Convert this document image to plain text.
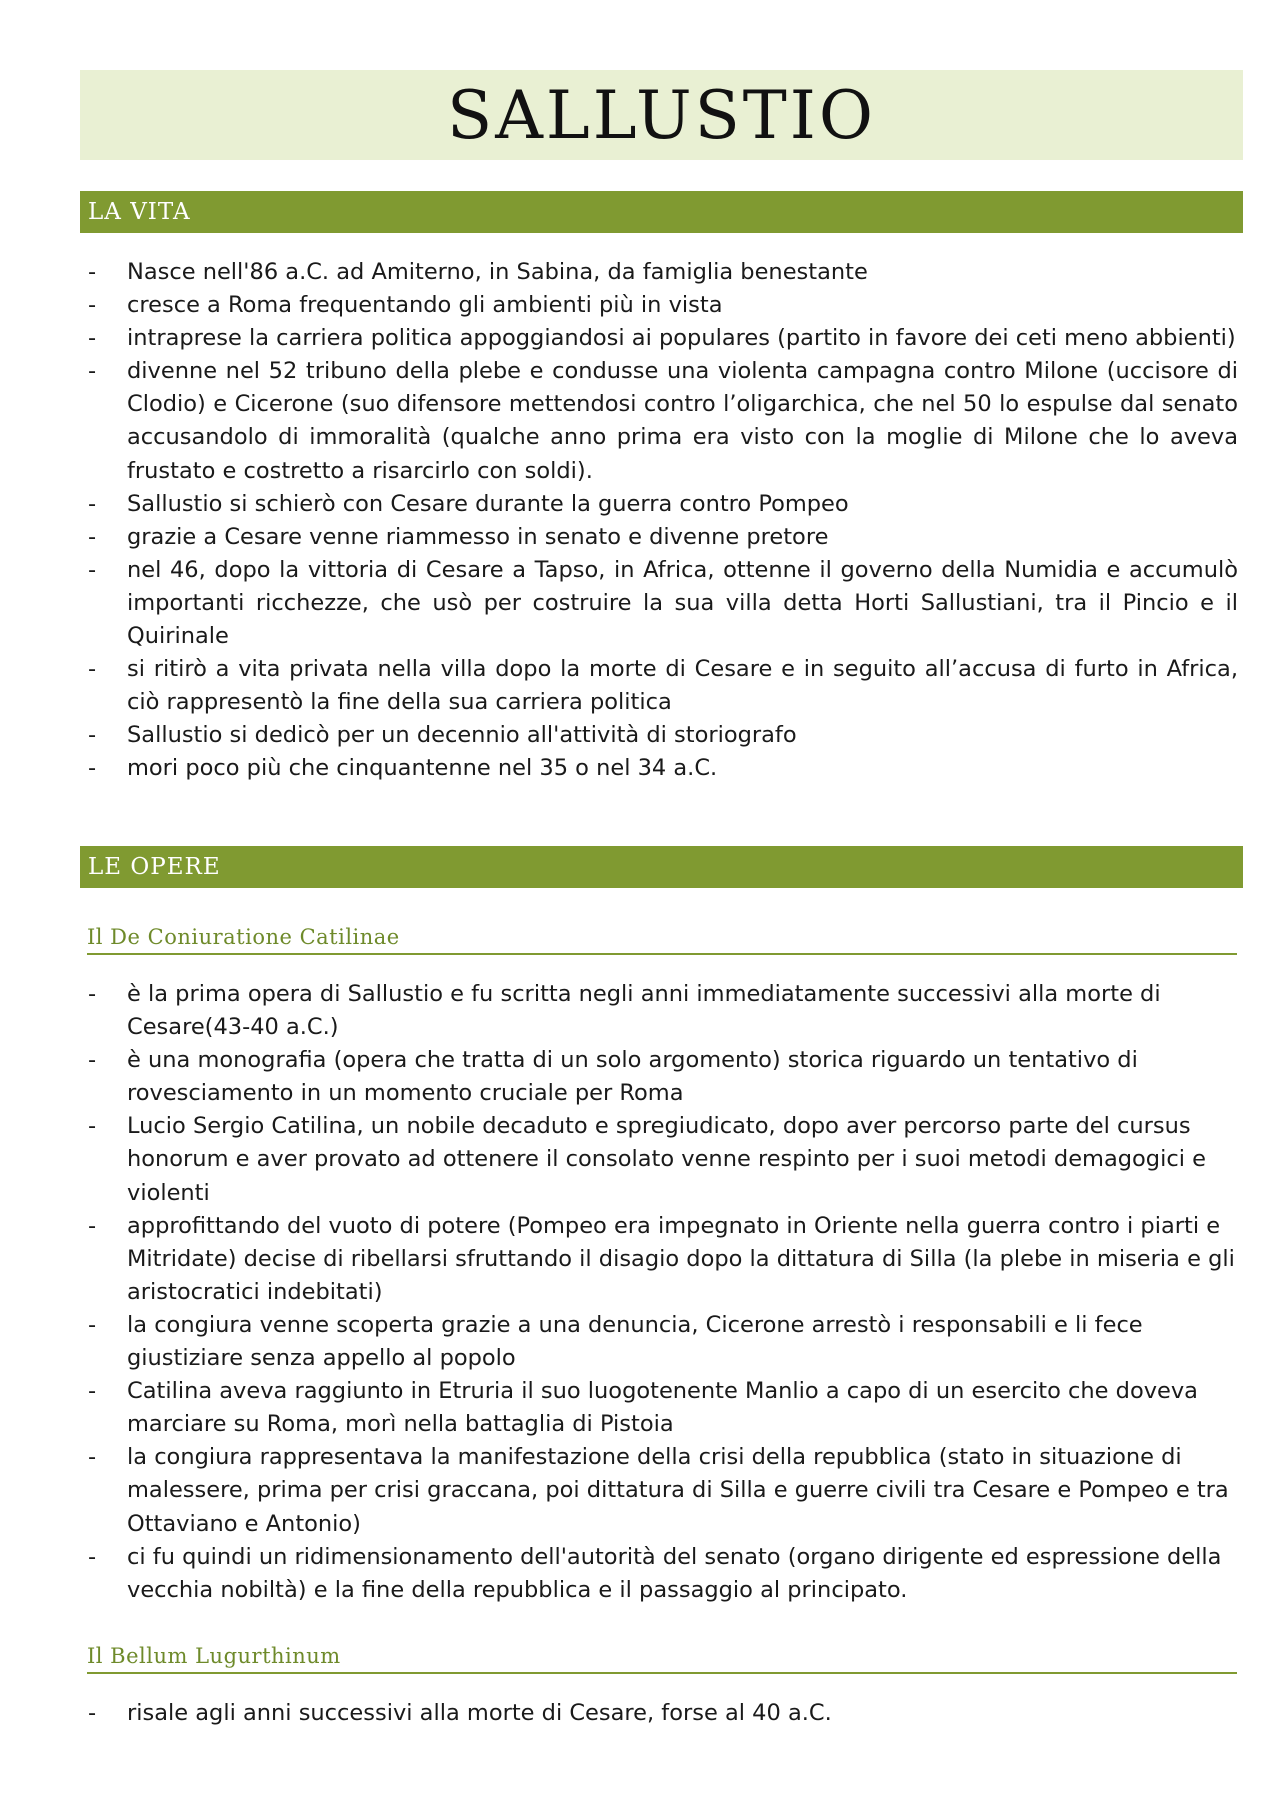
SALLUSTIO
LA VITA
- Nasce nell'86 a.C. ad Amiterno, in Sabina, da famiglia benestante
- cresce a Roma frequentando gli ambienti più in vista
- intraprese la carriera politica appoggiandosi ai populares (partito in favore dei ceti meno abbienti)
- divenne nel 52 tribuno della plebe e condusse una violenta campagna contro Milone (uccisore di Clodio) e Cicerone (suo difensore mettendosi contro l’oligarchica, che nel 50 lo espulse dal senato accusandolo di immoralità (qualche anno prima era visto con la moglie di Milone che lo aveva frustato e costretto a risarcirlo con soldi).
- Sallustio si schierò con Cesare durante la guerra contro Pompeo
- grazie a Cesare venne riammesso in senato e divenne pretore
- nel 46, dopo la vittoria di Cesare a Tapso, in Africa, ottenne il governo della Numidia e accumulò importanti ricchezze, che usò per costruire la sua villa detta Horti Sallustiani, tra il Pincio e il Quirinale
- si ritirò a vita privata nella villa dopo la morte di Cesare e in seguito all’accusa di furto in Africa, ciò rappresentò la fine della sua carriera politica
- Sallustio si dedicò per un decennio all'attività di storiografo
- mori poco più che cinquantenne nel 35 o nel 34 a.C.
LE OPERE
Il De Coniuratione Catilinae
- è la prima opera di Sallustio e fu scritta negli anni immediatamente successivi alla morte di Cesare(43-40 a.C.)
- è una monografia (opera che tratta di un solo argomento) storica riguardo un tentativo di rovesciamento in un momento cruciale per Roma
- Lucio Sergio Catilina, un nobile decaduto e spregiudicato, dopo aver percorso parte del cursus honorum e aver provato ad ottenere il consolato venne respinto per i suoi metodi demagogici e violenti
- approfittando del vuoto di potere (Pompeo era impegnato in Oriente nella guerra contro i piarti e Mitridate) decise di ribellarsi sfruttando il disagio dopo la dittatura di Silla (la plebe in miseria e gli aristocratici indebitati)
- la congiura venne scoperta grazie a una denuncia, Cicerone arrestò i responsabili e li fece giustiziare senza appello al popolo
- Catilina aveva raggiunto in Etruria il suo luogotenente Manlio a capo di un esercito che doveva marciare su Roma, morì nella battaglia di Pistoia
- la congiura rappresentava la manifestazione della crisi della repubblica (stato in situazione di malessere, prima per crisi graccana, poi dittatura di Silla e guerre civili tra Cesare e Pompeo e tra Ottaviano e Antonio)
- ci fu quindi un ridimensionamento dell'autorità del senato (organo dirigente ed espressione della vecchia nobiltà) e la fine della repubblica e il passaggio al principato.
Il Bellum Lugurthinum
- risale agli anni successivi alla morte di Cesare, forse al 40 a.C.
